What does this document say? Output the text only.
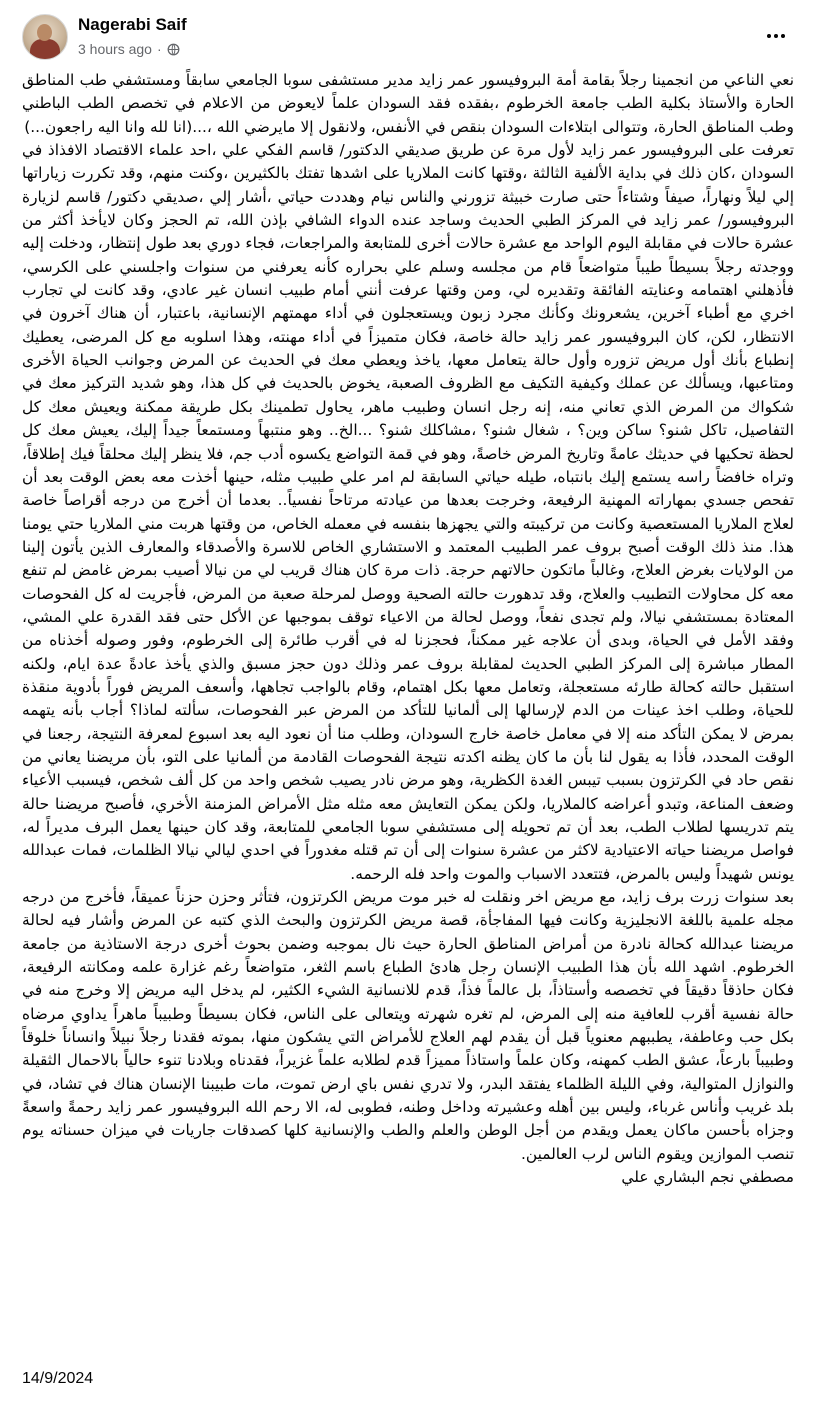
Nagerabi Saif
3 hours ago ·
نعي الناعي من انجمينا رجلاً بقامة أمة البروفيسور عمر زايد مدير مستشفى سوبا الجامعي سابقاً ومستشفي طب المناطق الحارة والأستاذ بكلية الطب جامعة الخرطوم ،بفقده فقد السودان علماً لايعوض من الاعلام في تخصص الطب الباطني وطب المناطق الحارة، وتتوالى ابتلاءات السودان بنقص في الأنفس، ولانقول إلا مايرضي الله ،...(انا لله وانا اليه راجعون...)
تعرفت على البروفيسور عمر زايد لأول مرة عن طريق صديقي الدكتور/ قاسم الفكي علي ،احد علماء الاقتصاد الافذاذ في السودان ،كان ذلك في بداية الألفية الثالثة ،وقتها كانت الملاريا على اشدها تفتك بالكثيرين ،وكنت منهم، وقد تكررت زياراتها إلي ليلاً ونهاراً، صيفاً وشتاءاً حتى صارت خبيثة تزورني والناس نيام وهددت حياتي ،أشار إلي ،صديقي دكتور/ قاسم لزيارة البروفيسور/ عمر زايد في المركز الطبي الحديث وساجد عنده الدواء الشافي بإذن الله، تم الحجز وكان لايأخذ أكثر من عشرة حالات في مقابلة اليوم الواحد مع عشرة حالات أخرى للمتابعة والمراجعات، فجاء دوري بعد طول إنتظار، ودخلت إليه ووجدته رجلاً بسيطاً طيباً متواضعاً قام من مجلسه وسلم علي بحراره كأنه يعرفني من سنوات واجلسني على الكرسي، فأذهلني اهتمامه وعنايته الفائقة وتقديره لي، ومن وقتها عرفت أنني أمام طبيب انسان غير عادي، وقد كانت لي تجارب اخري مع أطباء آخرين، يشعرونك وكأنك مجرد زبون ويستعجلون في أداء مهمتهم الإنسانية، باعتبار، أن هناك آخرون في الانتظار، لكن، كان البروفيسور عمر زايد حالة خاصة، فكان متميزاً في أداء مهنته، وهذا اسلوبه مع كل المرضى، يعطيك إنطباع بأنك أول مريض تزوره وأول حالة يتعامل معها، ياخذ ويعطي معك في الحديث عن المرض وجوانب الحياة الأخرى ومتاعبها، ويسألك عن عملك وكيفية التكيف مع الظروف الصعبة، يخوض بالحديث في كل هذا، وهو شديد التركيز معك في شكواك من المرض الذي تعاني منه، إنه رجل انسان وطبيب ماهر، يحاول تطمينك بكل طريقة ممكنة ويعيش معك كل التفاصيل، تاكل شنو؟ ساكن وين؟ ، شغال شنو؟ ،مشاكلك شنو؟ ...الخ.. وهو منتبهاً ومستمعاً جيداً إليك، يعيش معك كل لحظة تحكيها في حديثك عامةً وتاريخ المرض خاصةً، وهو في قمة التواضع يكسوه أدب جم، فلا ينظر إليك محلقاً فيك إطلاقاً، وتراه خافضاً راسه يستمع إليك بانتباه، طيله حياتي السابقة لم امر علي طبيب مثله، حينها أخذت معه بعض الوقت بعد أن تفحص جسدي بمهاراته المهنية الرفيعة، وخرجت بعدها من عيادته مرتاحاً نفسياً.. بعدما أن أخرج من درجه أقراصاً خاصة لعلاج الملاريا المستعصية وكانت من تركيبته والتي يجهزها بنفسه في معمله الخاص، من وقتها هربت مني الملاريا حتي يومنا هذا. منذ ذلك الوقت أصبح بروف عمر الطبيب المعتمد و الاستشاري الخاص للاسرة والأصدقاء والمعارف الذين يأتون إلينا من الولايات بغرض العلاج، وغالباً ماتكون حالاتهم حرجة. ذات مرة كان هناك قريب لي من نيالا أصيب بمرض غامض لم تنفع معه كل محاولات التطبيب والعلاج، وقد تدهورت حالته الصحية ووصل لمرحلة صعبة من المرض، فأجريت له كل الفحوصات المعتادة بمستشفي نيالا، ولم تجدى نفعاً، ووصل لحالة من الاعياء توقف بموجبها عن الأكل حتى فقد القدرة علي المشي، وفقد الأمل في الحياة، وبدى أن علاجه غير ممكناً، فحجزنا له في أقرب طائرة إلى الخرطوم، وفور وصوله أخذناه من المطار مباشرة إلى المركز الطبي الحديث لمقابلة بروف عمر وذلك دون حجز مسبق والذي يأخذ عادةً عدة ايام، ولكنه استقبل حالته كحالة طارئه مستعجلة، وتعامل معها بكل اهتمام، وقام بالواجب تجاهها، وأسعف المريض فوراً بأدوية منقذة للحياة، وطلب اخذ عينات من الدم لإرسالها إلى ألمانيا للتأكد من المرض عبر الفحوصات، سألته لماذا؟ أجاب بأنه يتهمه بمرض لا يمكن التأكد منه إلا في معامل خاصة خارج السودان، وطلب منا أن نعود اليه بعد اسبوع لمعرفة النتيجة، رجعنا في الوقت المحدد، فأذا به يقول لنا بأن ما كان يظنه اكدته نتيجة الفحوصات القادمة من ألمانيا على التو، بأن مريضنا يعاني من نقص حاد في الكرتزون بسبب تيبس الغدة الكظرية، وهو مرض نادر يصيب شخص واحد من كل ألف شخص، فيسبب الأعياء وضعف المناعة، وتبدو أعراضه كالملاريا، ولكن يمكن التعايش معه مثله مثل الأمراض المزمنة الأخري، فأصبح مريضنا حالة يتم تدريسها لطلاب الطب، بعد أن تم تحويله إلى مستشفي سوبا الجامعي للمتابعة، وقد كان حينها يعمل البرف مديراً له، فواصل مريضنا حياته الاعتيادية لاكثر من عشرة سنوات إلى أن تم قتله مغدوراً في احدي ليالي نيالا الظلمات، فمات عبدالله يونس شهيداً وليس بالمرض، فتتعدد الاسباب والموت واحد فله الرحمه.
بعد سنوات زرت برف زايد، مع مريض اخر ونقلت له خبر موت مريض الكرتزون، فتأثر وحزن حزناً عميقاً، فأخرج من درجه مجله علمية باللغة الانجليزية وكانت فيها المفاجأة، قصة مريض الكرتزون والبحث الذي كتبه عن المرض وأشار فيه لحالة مريضنا عبدالله كحالة نادرة من أمراض المناطق الحارة حيث نال بموجبه وضمن بحوث أخرى درجة الاستاذية من جامعة الخرطوم. اشهد الله بأن هذا الطبيب الإنسان رجل هادئ الطباع باسم الثغر، متواضعاً رغم غزارة علمه ومكانته الرفيعة، فكان حاذقاً دقيقاً في تخصصه وأستاذاً، بل عالماً فذاً، قدم للانسانية الشيء الكثير، لم يدخل اليه مريض إلا وخرج منه في حالة نفسية أقرب للعافية منه إلى المرض، لم تغره شهرته ويتعالى على الناس، فكان بسيطاً وطبيباً ماهراً يداوي مرضاه بكل حب وعاطفة، يطببهم معنوياً قبل أن يقدم لهم العلاج للأمراض التي يشكون منها، بموته فقدنا رجلاً نبيلاً وانساناً خلوقاً وطبيباً بارعاً، عشق الطب كمهنه، وكان علماً واستاذاً مميزاً قدم لطلابه علماً غزيراً، فقدناه وبلادنا تنوء حالياً بالاحمال الثقيلة والنوازل المتوالية، وفي الليلة الظلماء يفتقد البدر، ولا تدري نفس باي ارض تموت، مات طبيبنا الإنسان هناك في تشاد، في بلد غريب وأناس غرباء، وليس بين أهله وعشيرته وداخل وطنه، فطوبى له، الا رحم الله البروفيسور عمر زايد رحمةً واسعةً وجزاه بأحسن ماكان يعمل ويقدم من أجل الوطن والعلم والطب والإنسانية كلها كصدقات جاريات في ميزان حسناته يوم تنصب الموازين ويقوم الناس لرب العالمين.
مصطفي نجم البشاري علي
14/9/2024
